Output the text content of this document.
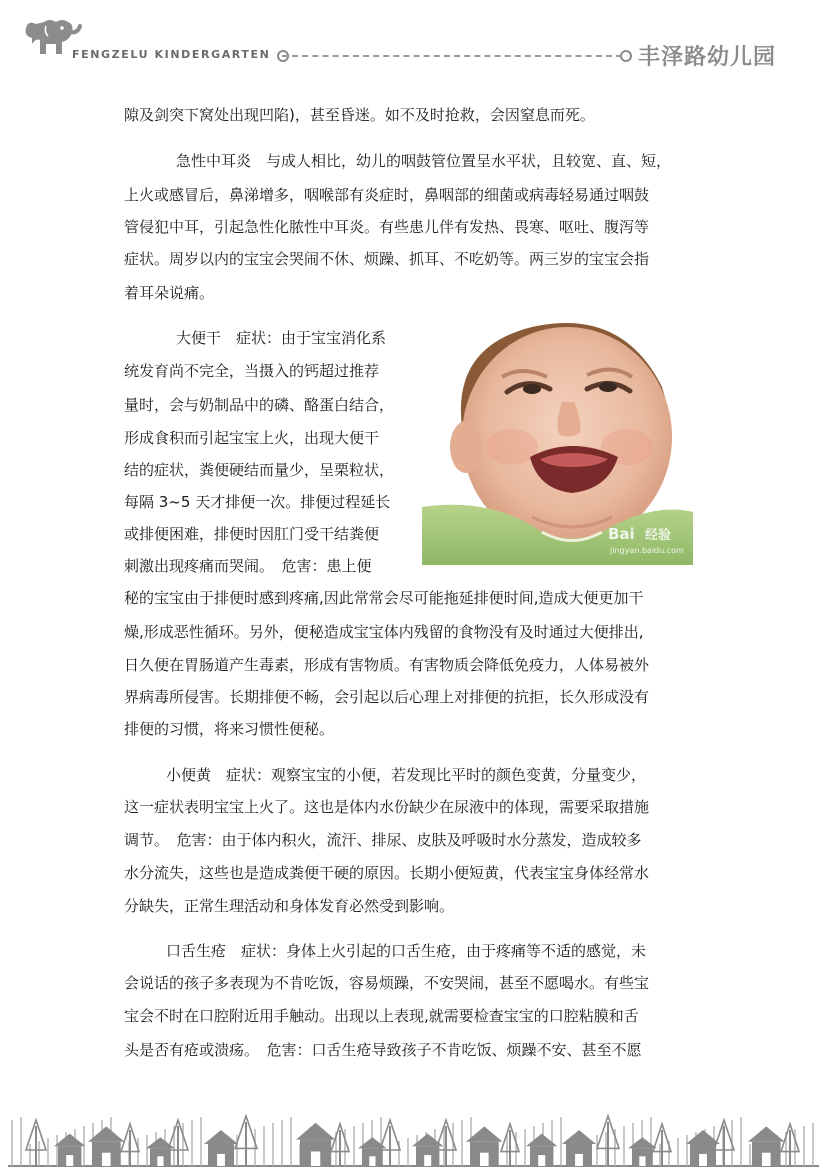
FENGZELU KINDERGARTEN	丰泽路幼儿园
隙及剑突下窝处出现凹陷)，甚至昏迷。如不及时抢救，会因窒息而死。
急性中耳炎　与成人相比，幼儿的咽鼓管位置呈水平状，且较宽、直、短，
上火或感冒后，鼻涕增多，咽喉部有炎症时，鼻咽部的细菌或病毒轻易通过咽鼓
管侵犯中耳，引起急性化脓性中耳炎。有些患儿伴有发热、畏寒、呕吐、腹泻等
症状。周岁以内的宝宝会哭闹不休、烦躁、抓耳、不吃奶等。两三岁的宝宝会指
着耳朵说痛。
大便干　症状：由于宝宝消化系
统发育尚不完全，当摄入的钙超过推荐
量时，会与奶制品中的磷、酪蛋白结合，
形成食积而引起宝宝上火，出现大便干
结的症状，粪便硬结而量少，呈栗粒状，
每隔 3~5 天才排便一次。排便过程延长
或排便困难，排便时因肛门受干结粪便
刺激出现疼痛而哭闹。　危害：患上便
秘的宝宝由于排便时感到疼痛,因此常常会尽可能拖延排便时间,造成大便更加干
燥,形成恶性循环。另外，便秘造成宝宝体内残留的食物没有及时通过大便排出,
日久便在胃肠道产生毒素，形成有害物质。有害物质会降低免疫力，人体易被外
界病毒所侵害。长期排便不畅，会引起以后心理上对排便的抗拒，长久形成没有
排便的习惯，将来习惯性便秘。
小便黄　症状：观察宝宝的小便，若发现比平时的颜色变黄，分量变少，
这一症状表明宝宝上火了。这也是体内水份缺少在尿液中的体现，需要采取措施
调节。　危害：由于体内积火，流汗、排尿、皮肤及呼吸时水分蒸发，造成较多
水分流失，这些也是造成粪便干硬的原因。长期小便短黄，代表宝宝身体经常水
分缺失，正常生理活动和身体发育必然受到影响。
口舌生疮　症状：身体上火引起的口舌生疮，由于疼痛等不适的感觉，未
会说话的孩子多表现为不肯吃饭，容易烦躁，不安哭闹，甚至不愿喝水。有些宝
宝会不时在口腔附近用手触动。出现以上表现,就需要检查宝宝的口腔粘膜和舌
头是否有疮或溃疡。　危害：口舌生疮导致孩子不肯吃饭、烦躁不安、甚至不愿
Bai 经验
jingyan.baidu.com
